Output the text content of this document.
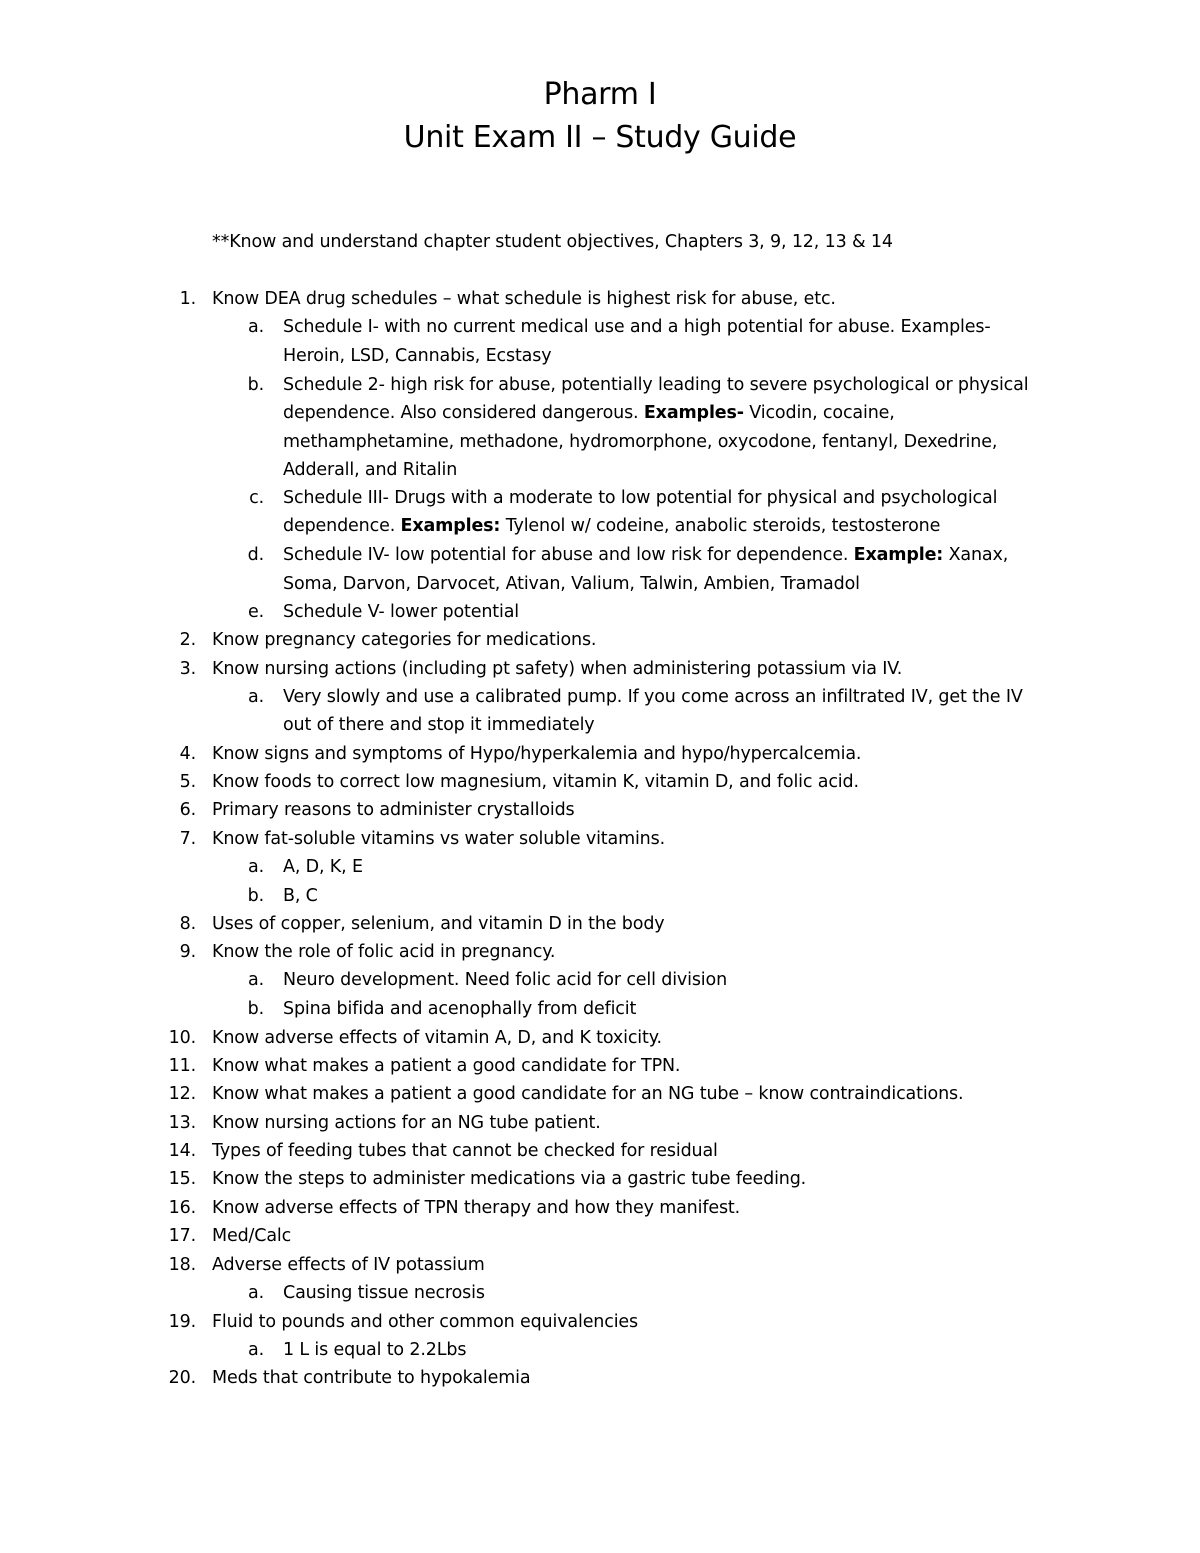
Pharm I
Unit Exam II – Study Guide
**Know and understand chapter student objectives, Chapters 3, 9, 12, 13 & 14
1. Know DEA drug schedules – what schedule is highest risk for abuse, etc.
a. Schedule I- with no current medical use and a high potential for abuse. Examples-
Heroin, LSD, Cannabis, Ecstasy
b. Schedule 2- high risk for abuse, potentially leading to severe psychological or physical
dependence. Also considered dangerous. Examples- Vicodin, cocaine,
methamphetamine, methadone, hydromorphone, oxycodone, fentanyl, Dexedrine,
Adderall, and Ritalin
c. Schedule III- Drugs with a moderate to low potential for physical and psychological
dependence. Examples: Tylenol w/ codeine, anabolic steroids, testosterone
d. Schedule IV- low potential for abuse and low risk for dependence. Example: Xanax,
Soma, Darvon, Darvocet, Ativan, Valium, Talwin, Ambien, Tramadol
e. Schedule V- lower potential
2. Know pregnancy categories for medications.
3. Know nursing actions (including pt safety) when administering potassium via IV.
a. Very slowly and use a calibrated pump. If you come across an infiltrated IV, get the IV
out of there and stop it immediately
4. Know signs and symptoms of Hypo/hyperkalemia and hypo/hypercalcemia.
5. Know foods to correct low magnesium, vitamin K, vitamin D, and folic acid.
6. Primary reasons to administer crystalloids
7. Know fat-soluble vitamins vs water soluble vitamins.
a. A, D, K, E
b. B, C
8. Uses of copper, selenium, and vitamin D in the body
9. Know the role of folic acid in pregnancy.
a. Neuro development. Need folic acid for cell division
b. Spina bifida and acenophally from deficit
10. Know adverse effects of vitamin A, D, and K toxicity.
11. Know what makes a patient a good candidate for TPN.
12. Know what makes a patient a good candidate for an NG tube – know contraindications.
13. Know nursing actions for an NG tube patient.
14. Types of feeding tubes that cannot be checked for residual
15. Know the steps to administer medications via a gastric tube feeding.
16. Know adverse effects of TPN therapy and how they manifest.
17. Med/Calc
18. Adverse effects of IV potassium
a. Causing tissue necrosis
19. Fluid to pounds and other common equivalencies
a. 1 L is equal to 2.2Lbs
20. Meds that contribute to hypokalemia
